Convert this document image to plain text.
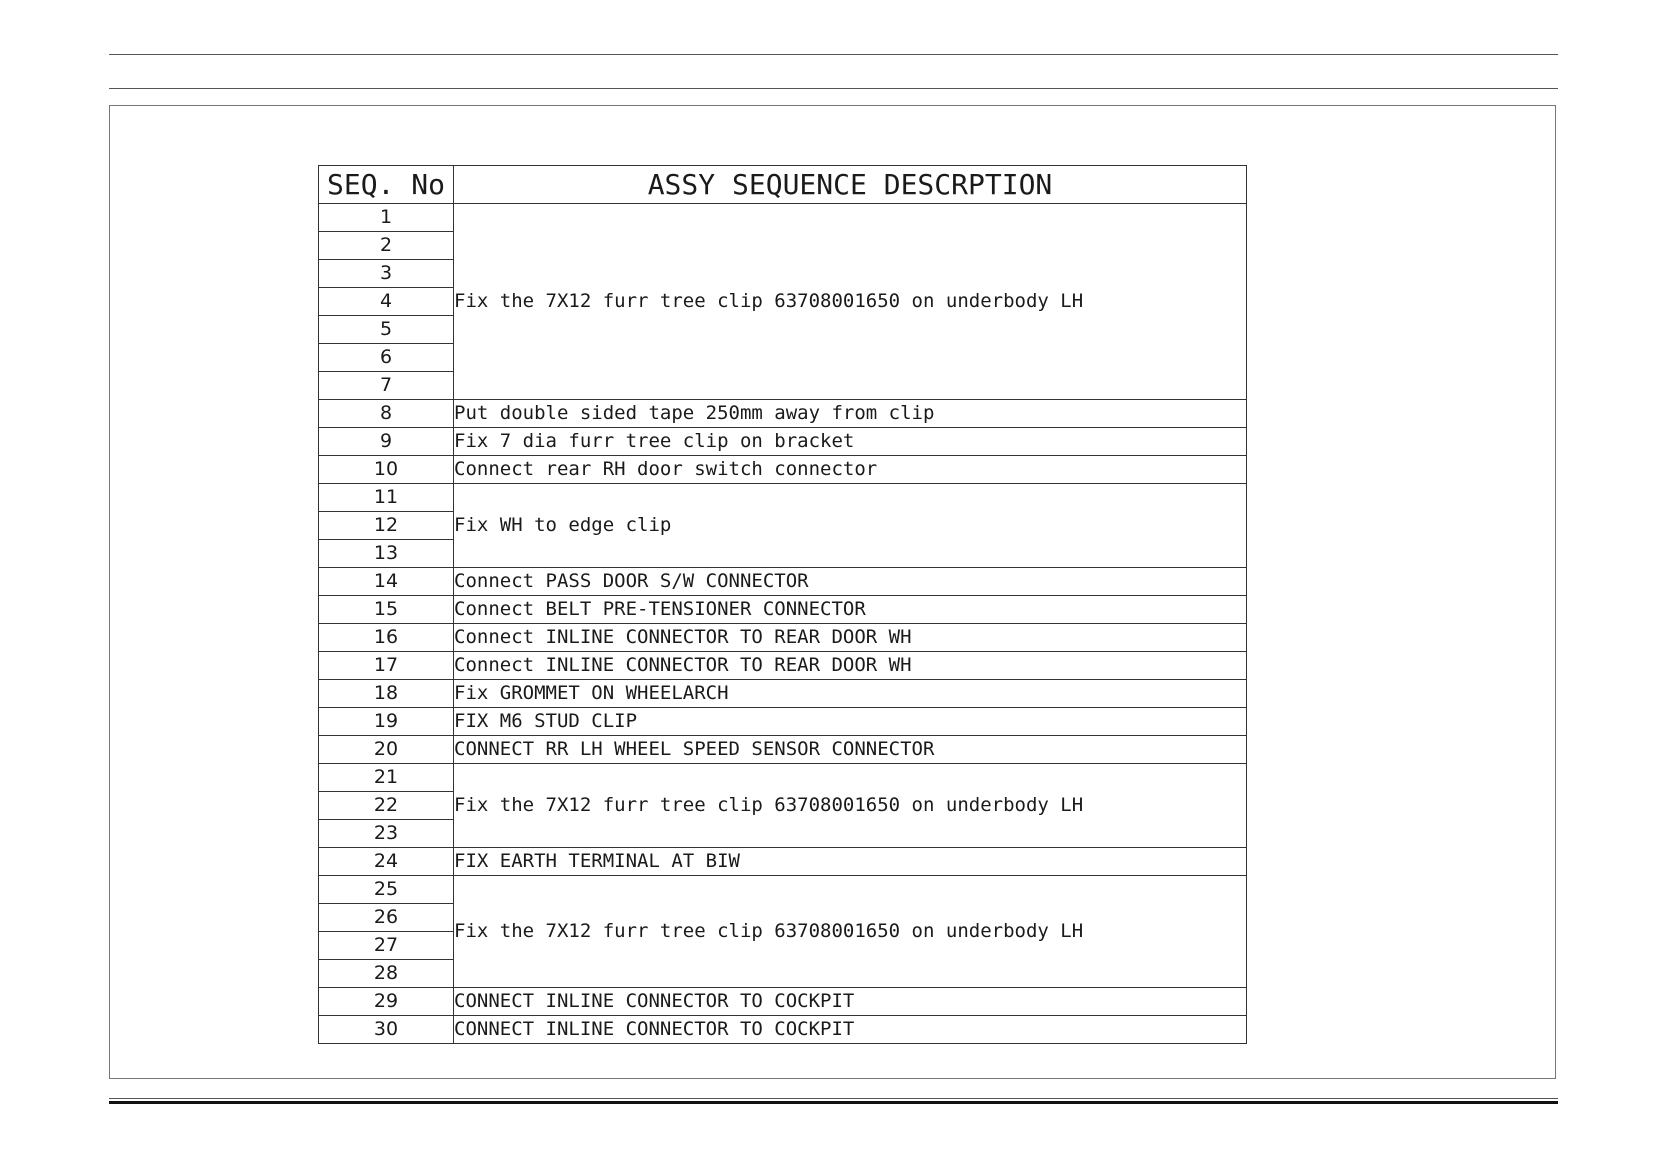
SEQ. No	ASSY SEQUENCE DESCRPTION
1	Fix the 7X12 furr tree clip 63708001650 on underbody LH
2	
3	
4	
5	
6	
7	
8	Put double sided tape 250mm away from clip
9	Fix 7 dia furr tree clip on bracket
10	Connect rear RH door switch connector
11	Fix WH to edge clip
12	
13	
14	Connect PASS DOOR S/W CONNECTOR
15	Connect BELT PRE-TENSIONER CONNECTOR
16	Connect INLINE CONNECTOR TO REAR DOOR WH
17	Connect INLINE CONNECTOR TO REAR DOOR WH
18	Fix GROMMET ON WHEELARCH
19	FIX M6 STUD CLIP
20	CONNECT RR LH WHEEL SPEED SENSOR CONNECTOR
21	Fix the 7X12 furr tree clip 63708001650 on underbody LH
22	
23	
24	FIX EARTH TERMINAL AT BIW
25	Fix the 7X12 furr tree clip 63708001650 on underbody LH
26	
27	
28	
29	CONNECT INLINE CONNECTOR TO COCKPIT
30	CONNECT INLINE CONNECTOR TO COCKPIT
